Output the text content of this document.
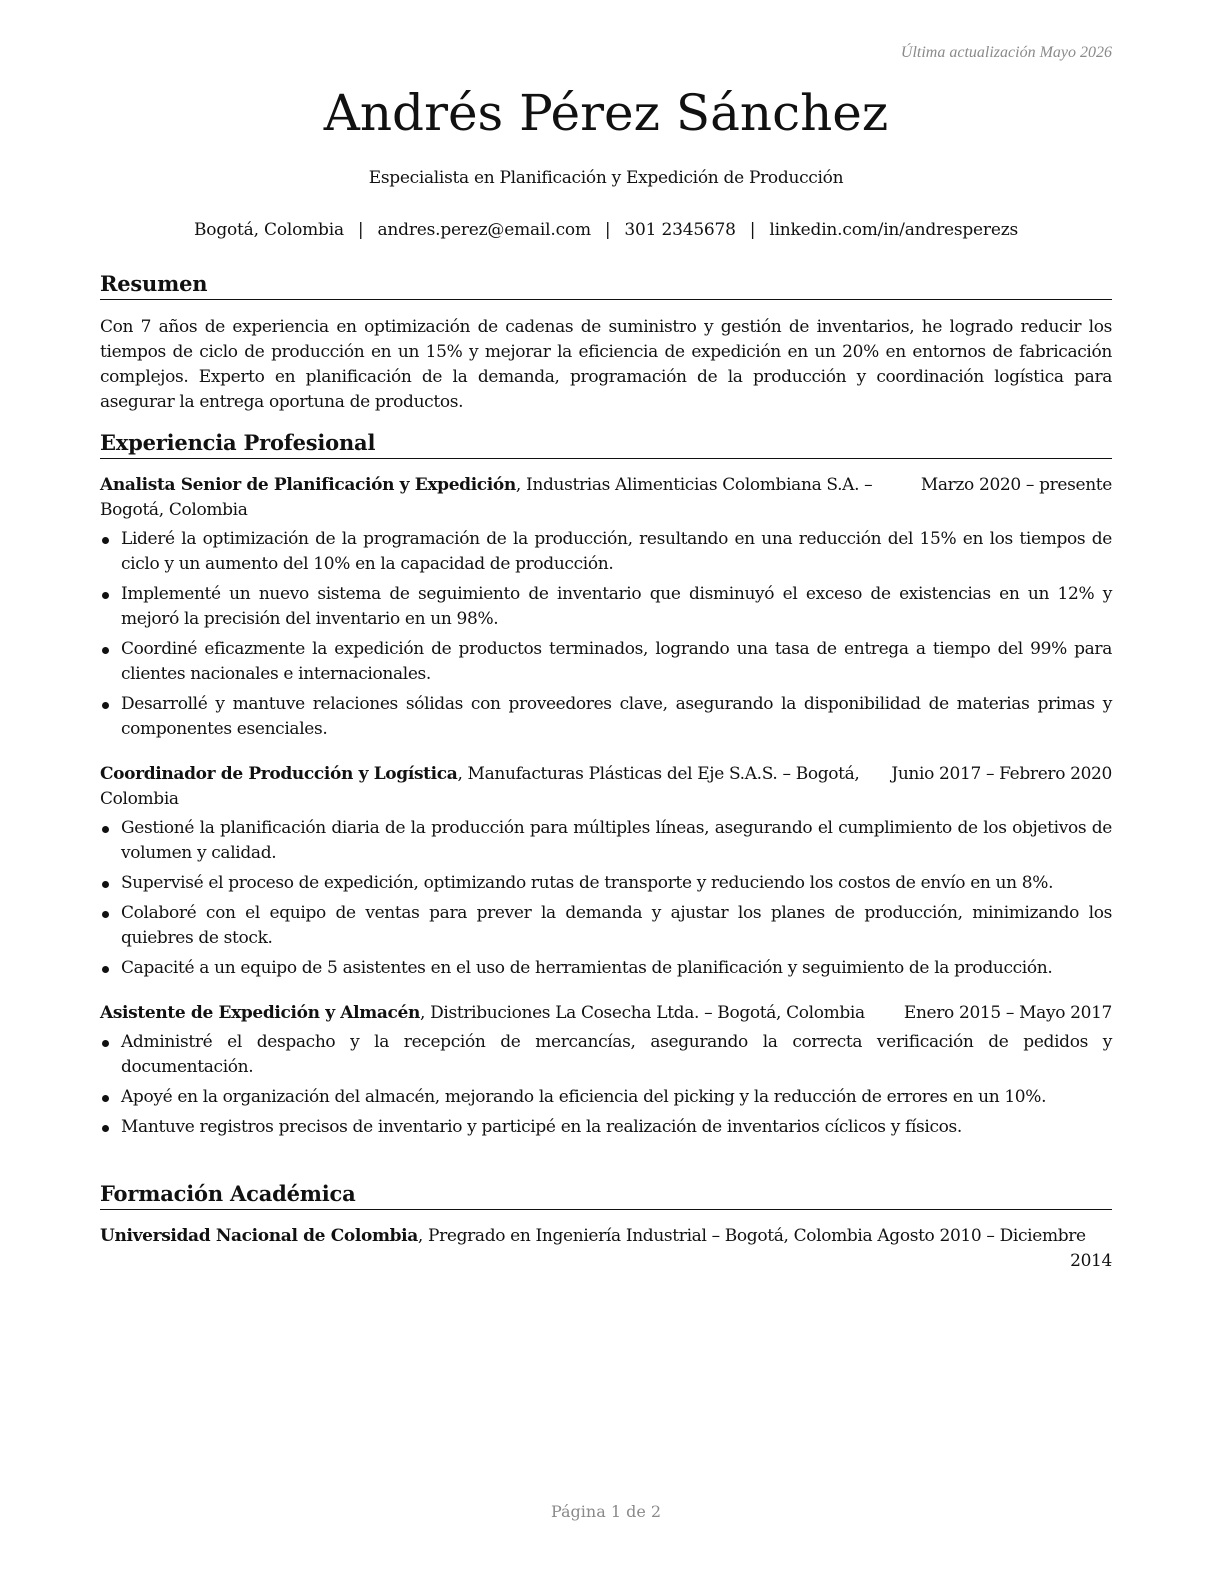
Última actualización Mayo 2026
Andrés Pérez Sánchez
Especialista en Planificación y Expedición de Producción
Bogotá, Colombia | andres.perez@email.com | 301 2345678 | linkedin.com/in/andresperezs
Resumen

Con 7 años de experiencia en optimización de cadenas de suministro y gestión de inventarios, he logrado reducir los tiempos de ciclo de producción en un 15% y mejorar la eficiencia de expedición en un 20% en entornos de fabricación complejos. Experto en planificación de la demanda, programación de la producción y coordinación logística para asegurar la entrega oportuna de productos.

Experiencia Profesional
Analista Senior de Planificación y Expedición, Industrias Alimenticias Colombiana S.A. – Bogotá, Colombia
Marzo 2020 – presente
Lideré la optimización de la programación de la producción, resultando en una reducción del 15% en los tiempos de ciclo y un aumento del 10% en la capacidad de producción.
Implementé un nuevo sistema de seguimiento de inventario que disminuyó el exceso de existencias en un 12% y mejoró la precisión del inventario en un 98%.
Coordiné eficazmente la expedición de productos terminados, logrando una tasa de entrega a tiempo del 99% para clientes nacionales e internacionales.
Desarrollé y mantuve relaciones sólidas con proveedores clave, asegurando la disponibilidad de materias primas y componentes esenciales.
Coordinador de Producción y Logística, Manufacturas Plásticas del Eje S.A.S. – Bogotá, Colombia
Junio 2017 – Febrero 2020
Gestioné la planificación diaria de la producción para múltiples líneas, asegurando el cumplimiento de los objetivos de volumen y calidad.
Supervisé el proceso de expedición, optimizando rutas de transporte y reduciendo los costos de envío en un 8%.
Colaboré con el equipo de ventas para prever la demanda y ajustar los planes de producción, minimizando los quiebres de stock.
Capacité a un equipo de 5 asistentes en el uso de herramientas de planificación y seguimiento de la producción.
Asistente de Expedición y Almacén, Distribuciones La Cosecha Ltda. – Bogotá, Colombia	Enero 2015 – Mayo 2017
Administré el despacho y la recepción de mercancías, asegurando la correcta verificación de pedidos y documentación.
Apoyé en la organización del almacén, mejorando la eficiencia del picking y la reducción de errores en un 10%.
Mantuve registros precisos de inventario y participé en la realización de inventarios cíclicos y físicos.
Formación Académica
Universidad Nacional de Colombia, Pregrado en Ingeniería Industrial – Bogotá, Colombia Agosto 2010 – Diciembre
2014
Página 1 de 2
